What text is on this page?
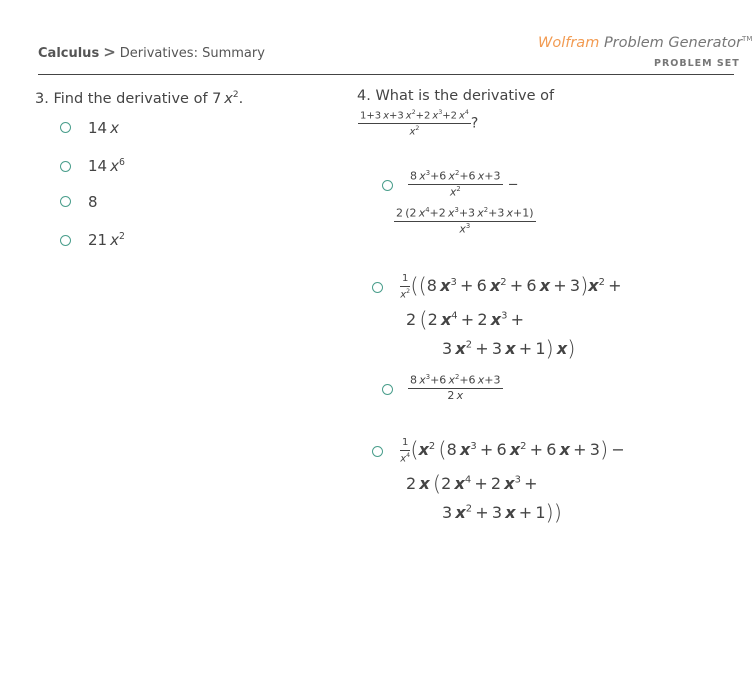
Calculus > Derivatives: Summary
Wolfram Problem Generator™
PROBLEM SET
3. Find the derivative of 7 $x^2$.
14 x
14 $x^6$
8
21 $x^2$
4. What is the derivative of
$\frac{1+3 x+3 x^2+2 x^3+2 x^4}{x^2}$ ?
$\frac{8 x^3+6 x^2+6 x+3}{x^2}$ −
$\frac{2 (2 x^4+2 x^3+3 x^2+3 x+1)}{x^3}$
$\frac{1}{x^2} ((8$ $x^3 + 6$ $x^2 + 6$ $x + 3)x^2$ +
2 (2 $x^4 + 2$ $x^3$ +
3 $x^2 + 3$ x + 1)  x)
$\frac{8 x^3+6 x^2+6 x+3}{2 x}$
$\frac{1}{x^4} (x^2$  (8 $x^3 + 6$ $x^2 + 6$ x + 3) −
2 x  (2 $x^4 + 2$ $x^3$ +
3 $x^2 + 3$ x + 1))
